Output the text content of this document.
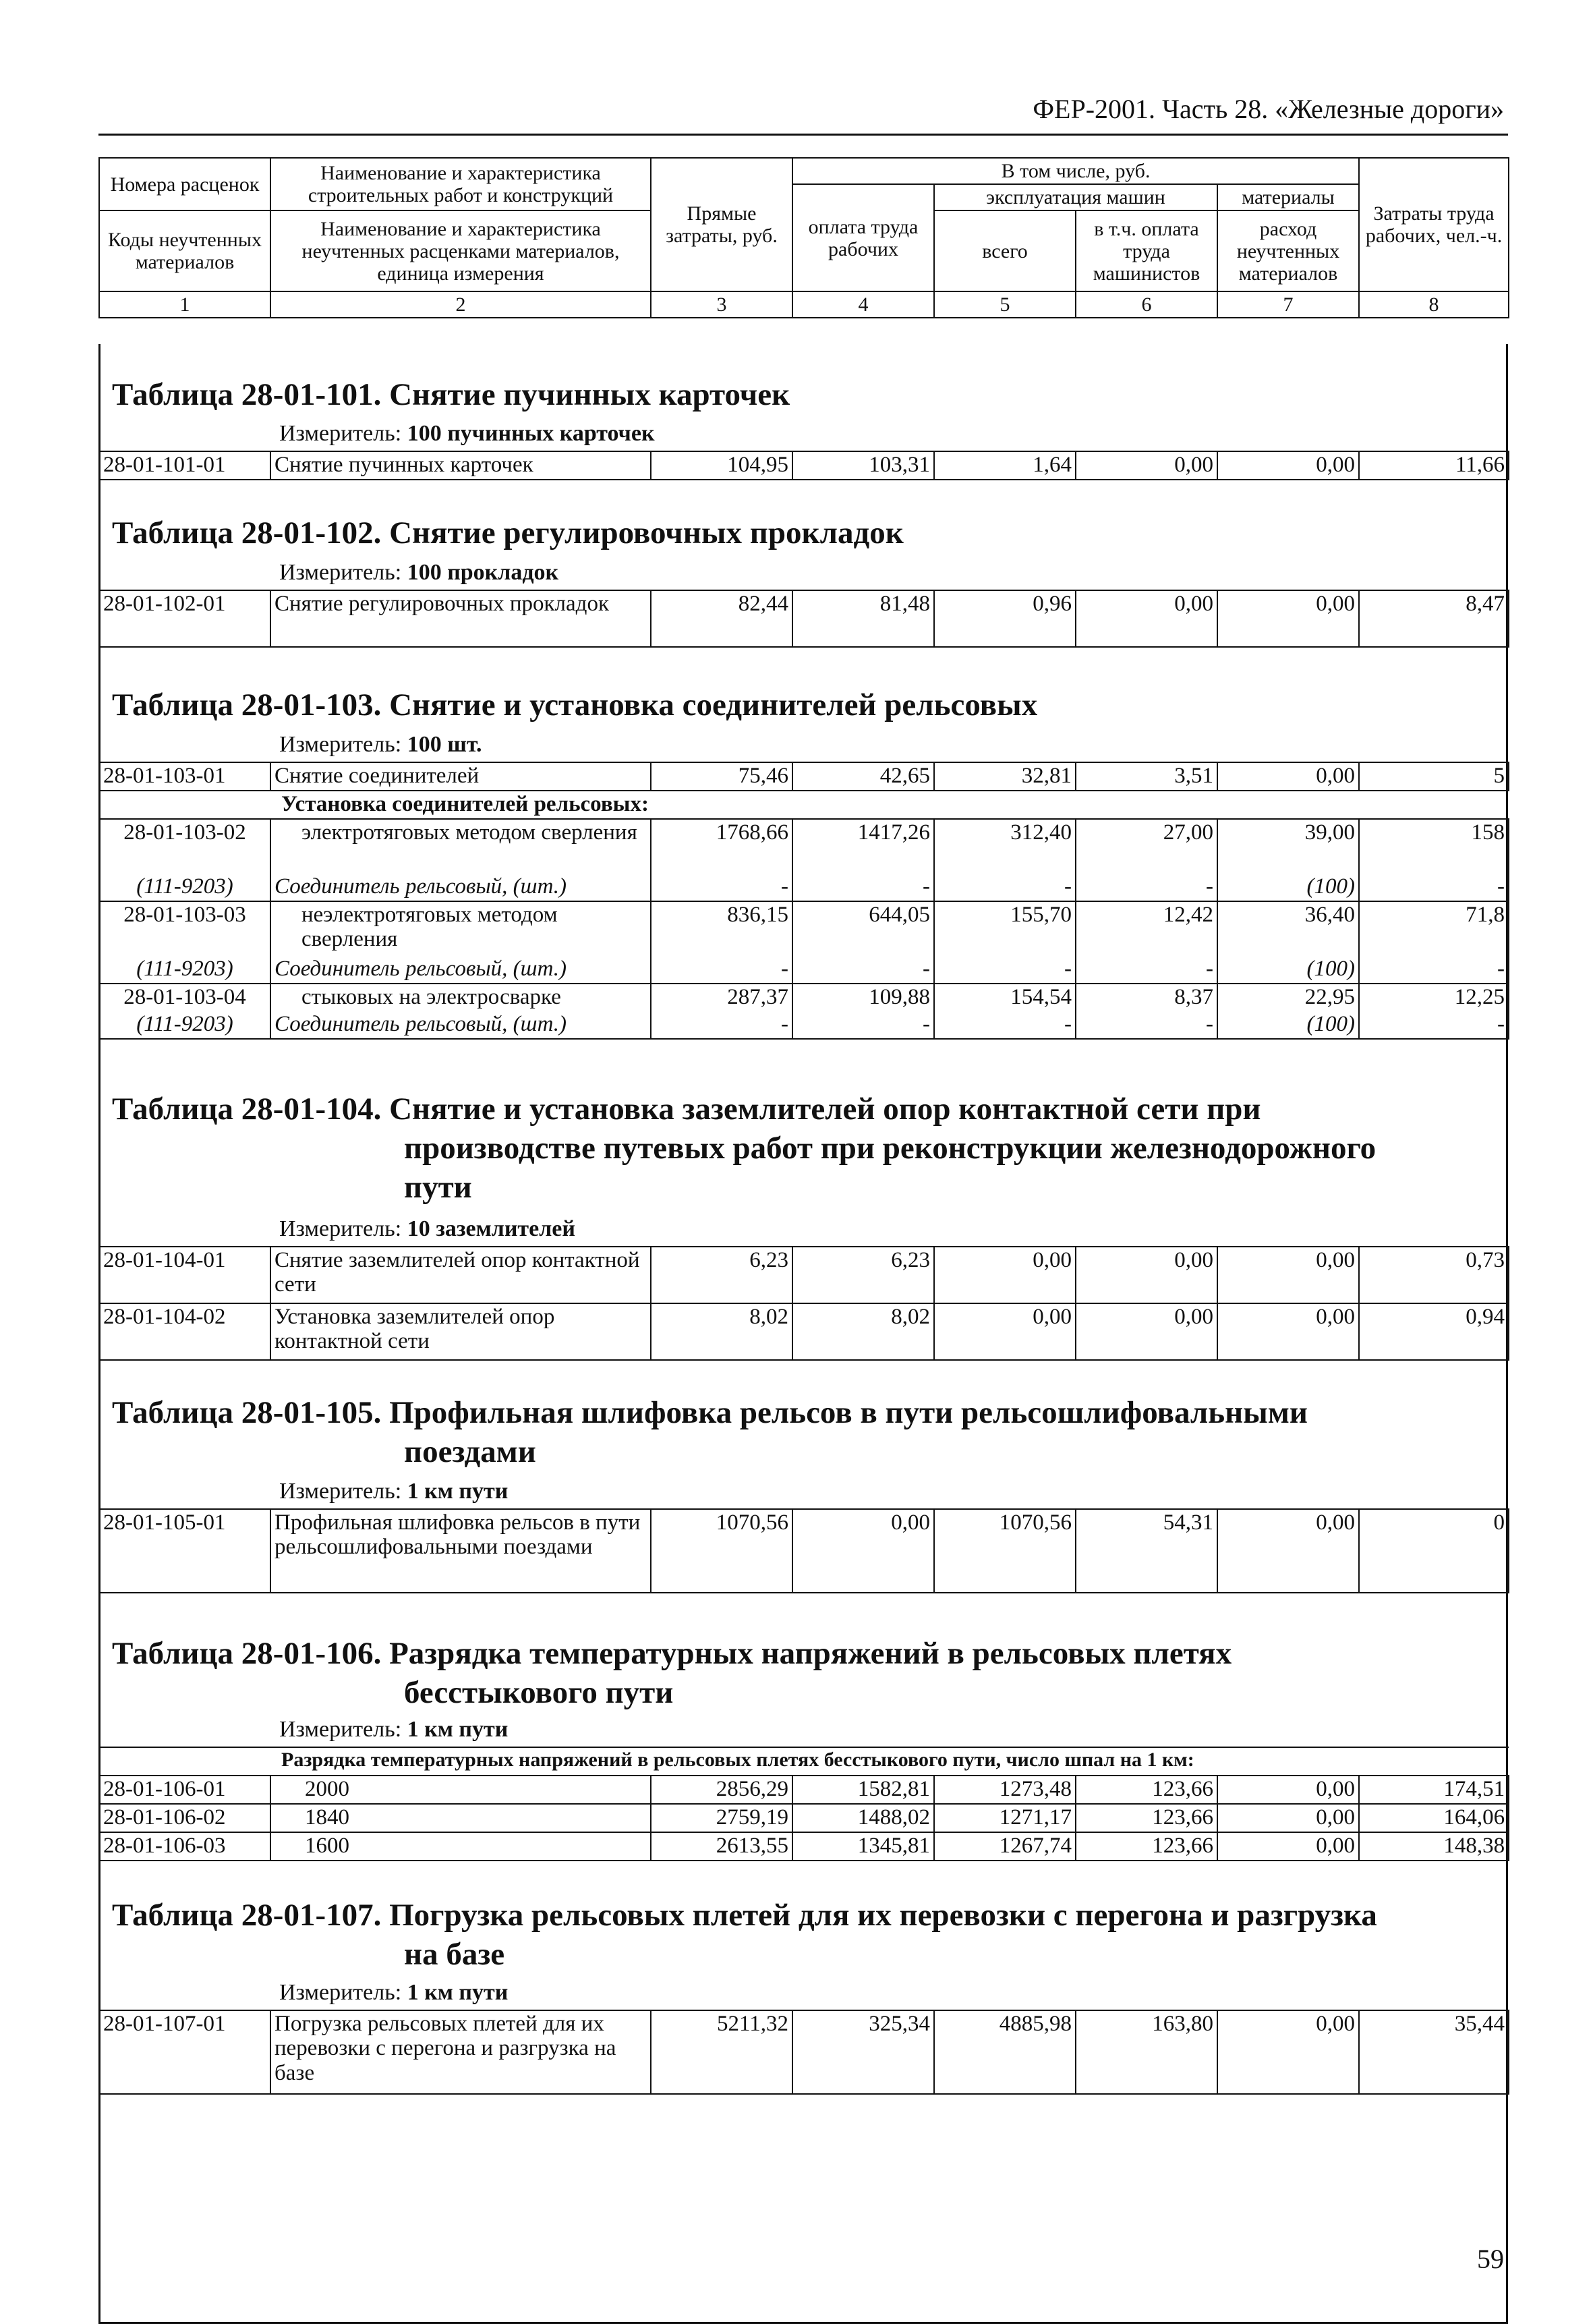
ФЕР-2001. Часть 28. «Железные дороги»
Номера расценок	Наименование и характеристика строительных работ и конструкций	Прямые затраты, руб.	В том числе, руб.				Затраты труда рабочих, чел.-ч.
			оплата труда рабочих	эксплуатация машин		материалы	
				всего	в т.ч. оплата труда машинистов	расход неучтенных материалов	
Коды неучтенных материалов	Наименование и характеристика неучтенных расценками материалов, единица измерения						

1	2	3	4	5	6	7	8
Таблица 28-01-101. Снятие пучинных карточек
Измеритель: 100 пучинных карточек
28-01-101-01	Снятие пучинных карточек	104,95	103,31	1,64	0,00	0,00	11,66
Таблица 28-01-102. Снятие регулировочных прокладок
Измеритель: 100 прокладок
28-01-102-01	Снятие регулировочных прокладок	82,44	81,48	0,96	0,00	0,00	8,47
Таблица 28-01-103. Снятие и установка соединителей рельсовых
Измеритель: 100 шт.
28-01-103-01	Снятие соединителей	75,46	42,65	32,81	3,51	0,00	5
Установка соединителей рельсовых:							
28-01-103-02	электротяговых методом сверления	1768,66	1417,26	312,40	27,00	39,00	158
(111-9203)	Соединитель рельсовый, (шт.)	-	-	-	-	(100)	-
28-01-103-03	неэлектротяговых методом сверления	836,15	644,05	155,70	12,42	36,40	71,8
(111-9203)	Соединитель рельсовый, (шт.)	-	-	-	-	(100)	-
28-01-103-04	стыковых на электросварке	287,37	109,88	154,54	8,37	22,95	12,25
(111-9203)	Соединитель рельсовый, (шт.)	-	-	-	-	(100)	-
Таблица 28-01-104. Снятие и установка заземлителей опор контактной сети при
производстве путевых работ при реконструкции железнодорожного
пути
Измеритель: 10 заземлителей
28-01-104-01	Снятие заземлителей опор контактной сети	6,23	6,23	0,00	0,00	0,00	0,73
28-01-104-02	Установка заземлителей опор контактной сети	8,02	8,02	0,00	0,00	0,00	0,94
Таблица 28-01-105. Профильная шлифовка рельсов в пути рельсошлифовальными
поездами
Измеритель: 1 км пути
28-01-105-01	Профильная шлифовка рельсов в пути рельсошлифовальными поездами	1070,56	0,00	1070,56	54,31	0,00	0
Таблица 28-01-106. Разрядка температурных напряжений в рельсовых плетях
бесстыкового пути
Измеритель: 1 км пути
Разрядка температурных напряжений в рельсовых плетях бесстыкового пути, число шпал на 1 км:							
28-01-106-01	2000	2856,29	1582,81	1273,48	123,66	0,00	174,51
28-01-106-02	1840	2759,19	1488,02	1271,17	123,66	0,00	164,06
28-01-106-03	1600	2613,55	1345,81	1267,74	123,66	0,00	148,38
Таблица 28-01-107. Погрузка рельсовых плетей для их перевозки с перегона и разгрузка
на базе
Измеритель: 1 км пути
28-01-107-01	Погрузка рельсовых плетей для их перевозки с перегона и разгрузка на базе	5211,32	325,34	4885,98	163,80	0,00	35,44
59
